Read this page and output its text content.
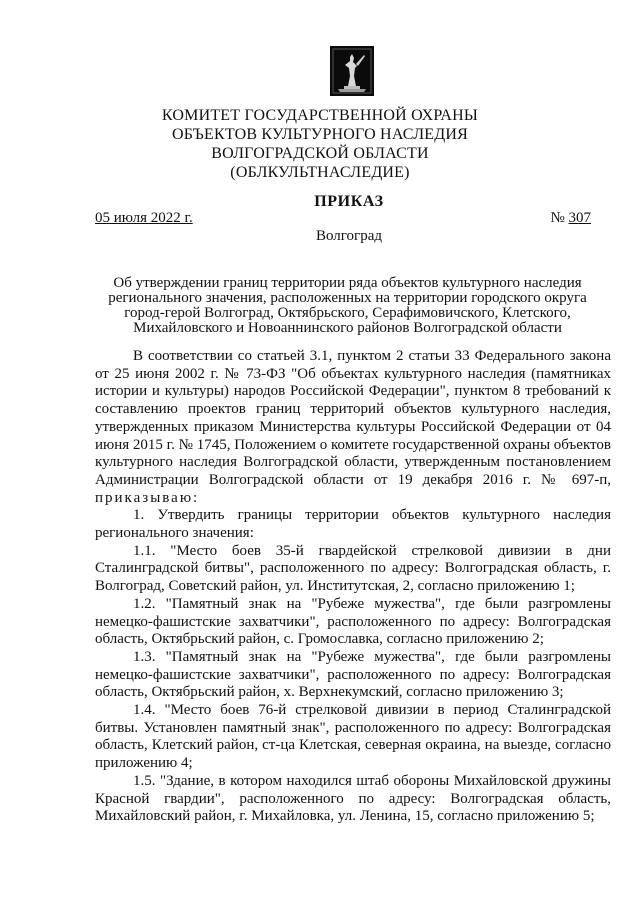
КОМИТЕТ ГОСУДАРСТВЕННОЙ ОХРАНЫ
ОБЪЕКТОВ КУЛЬТУРНОГО НАСЛЕДИЯ
ВОЛГОГРАДСКОЙ ОБЛАСТИ
(ОБЛКУЛЬТНАСЛЕДИЕ)
ПРИКАЗ
05 июля 2022 г.	№ 307
Волгоград
Об утверждении границ территории ряда объектов культурного наследия регионального значения, расположенных на территории городского округа город-герой Волгоград, Октябрьского, Серафимовичского, Клетского, Михайловского и Новоаннинского районов Волгоградской области

В соответствии со статьей 3.1, пунктом 2 статьи 33 Федерального закона от 25 июня 2002 г. № 73-ФЗ "Об объектах культурного наследия (памятниках истории и культуры) народов Российской Федерации", пунктом 8 требований к составлению проектов границ территорий объектов культурного наследия, утвержденных приказом Министерства культуры Российской Федерации от 04 июня 2015 г. № 1745, Положением о комитете государственной охраны объектов культурного наследия Волгоградской области, утвержденным постановлением Администрации Волгоградской области от 19 декабря 2016 г. № 697-п, приказываю:

1. Утвердить границы территории объектов культурного наследия регионального значения:

1.1. "Место боев 35-й гвардейской стрелковой дивизии в дни Сталинградской битвы", расположенного по адресу: Волгоградская область, г. Волгоград, Советский район, ул. Институтская, 2, согласно приложению 1;

1.2. "Памятный знак на "Рубеже мужества", где были разгромлены немецко-фашистские захватчики", расположенного по адресу: Волгоградская область, Октябрьский район, с. Громославка, согласно приложению 2;

1.3. "Памятный знак на "Рубеже мужества", где были разгромлены немецко-фашистские захватчики", расположенного по адресу: Волгоградская область, Октябрьский район, х. Верхнекумский, согласно приложению 3;

1.4. "Место боев 76-й стрелковой дивизии в период Сталинградской битвы. Установлен памятный знак", расположенного по адресу: Волгоградская область, Клетский район, ст-ца Клетская, северная окраина, на выезде, согласно приложению 4;

1.5. "Здание, в котором находился штаб обороны Михайловской дружины Красной гвардии", расположенного по адресу: Волгоградская область, Михайловский район, г. Михайловка, ул. Ленина, 15, согласно приложению 5;
